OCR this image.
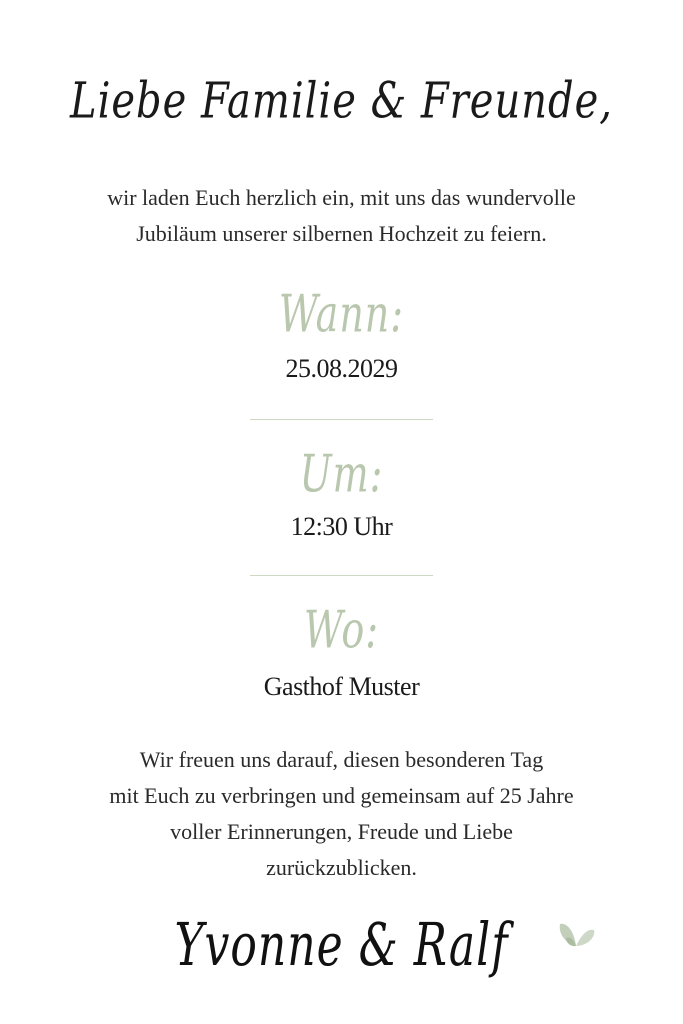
Liebe Familie & Freunde,
wir laden Euch herzlich ein, mit uns das wundervolle
Jubiläum unserer silbernen Hochzeit zu feiern.
Wann:
25.08.2029
Um:
12:30 Uhr
Wo:
Gasthof Muster
Wir freuen uns darauf, diesen besonderen Tag
mit Euch zu verbringen und gemeinsam auf 25 Jahre
voller Erinnerungen, Freude und Liebe
zurückzublicken.
Yvonne & Ralf
